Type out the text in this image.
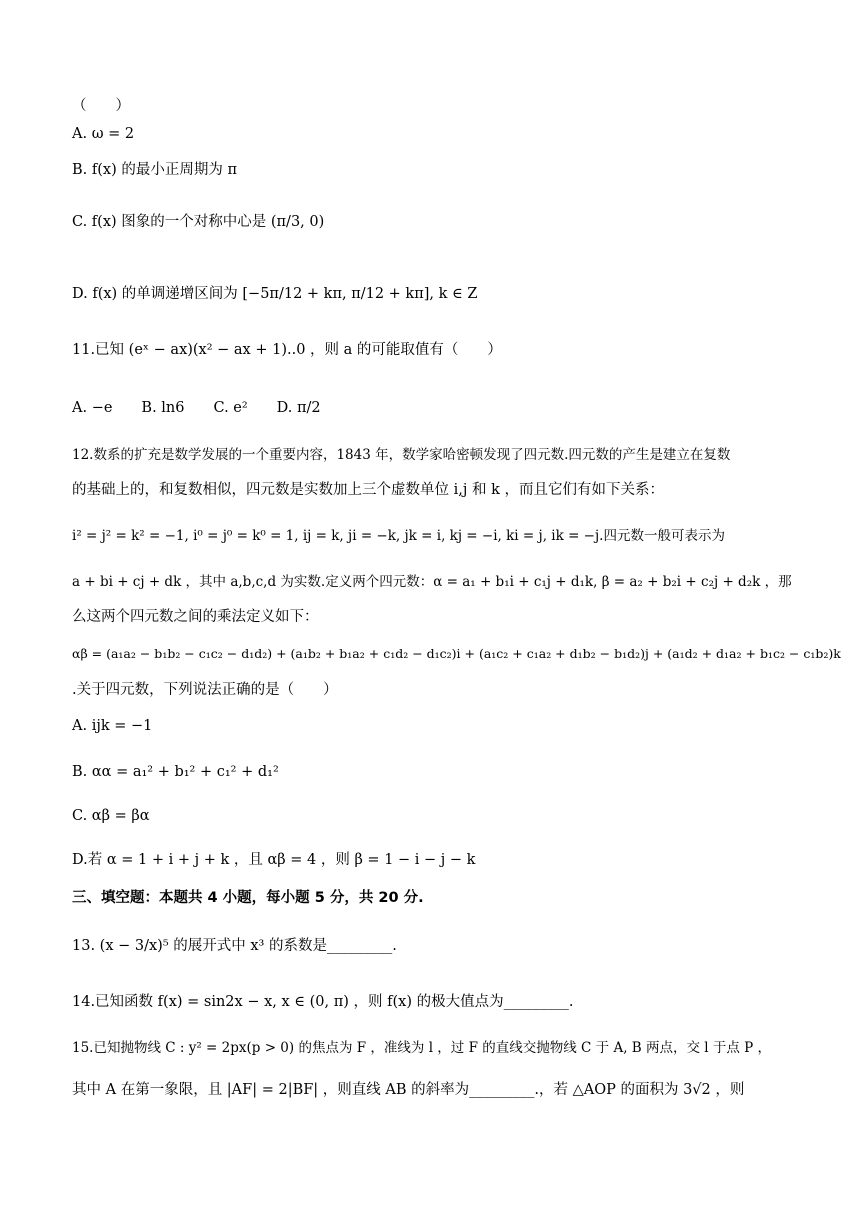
（　　）
A. ω = 2
B. f(x) 的最小正周期为 π
C. f(x) 图象的一个对称中心是 (π/3, 0)
D. f(x) 的单调递增区间为 [−5π/12 + kπ, π/12 + kπ], k ∈ Z
11.已知 (eˣ − ax)(x² − ax + 1)..0 ，则 a 的可能取值有（　　）
A. −e　　B. ln6　　C. e²　　D. π/2
12.数系的扩充是数学发展的一个重要内容，1843 年，数学家哈密顿发现了四元数.四元数的产生是建立在复数
的基础上的，和复数相似，四元数是实数加上三个虚数单位 i,j 和 k ，而且它们有如下关系：
i² = j² = k² = −1, i⁰ = j⁰ = k⁰ = 1, ij = k, ji = −k, jk = i, kj = −i, ki = j, ik = −j.四元数一般可表示为
a + bi + cj + dk ，其中 a,b,c,d 为实数.定义两个四元数：α = a₁ + b₁i + c₁j + d₁k, β = a₂ + b₂i + c₂j + d₂k ，那
么这两个四元数之间的乘法定义如下：
αβ = (a₁a₂ − b₁b₂ − c₁c₂ − d₁d₂) + (a₁b₂ + b₁a₂ + c₁d₂ − d₁c₂)i + (a₁c₂ + c₁a₂ + d₁b₂ − b₁d₂)j + (a₁d₂ + d₁a₂ + b₁c₂ − c₁b₂)k
.关于四元数，下列说法正确的是（　　）
A. ijk = −1
B. αα = a₁² + b₁² + c₁² + d₁²
C. αβ = βα
D.若 α = 1 + i + j + k ，且 αβ = 4 ，则 β = 1 − i − j − k
三、填空题：本题共 4 小题，每小题 5 分，共 20 分.
13. (x − 3/x)⁵ 的展开式中 x³ 的系数是_________.
14.已知函数 f(x) = sin2x − x, x ∈ (0, π) ，则 f(x) 的极大值点为_________.
15.已知抛物线 C : y² = 2px(p > 0) 的焦点为 F ，准线为 l ，过 F 的直线交抛物线 C 于 A, B 两点，交 l 于点 P ，
其中 A 在第一象限，且 |AF| = 2|BF| ，则直线 AB 的斜率为_________.，若 △AOP 的面积为 3√2 ，则
